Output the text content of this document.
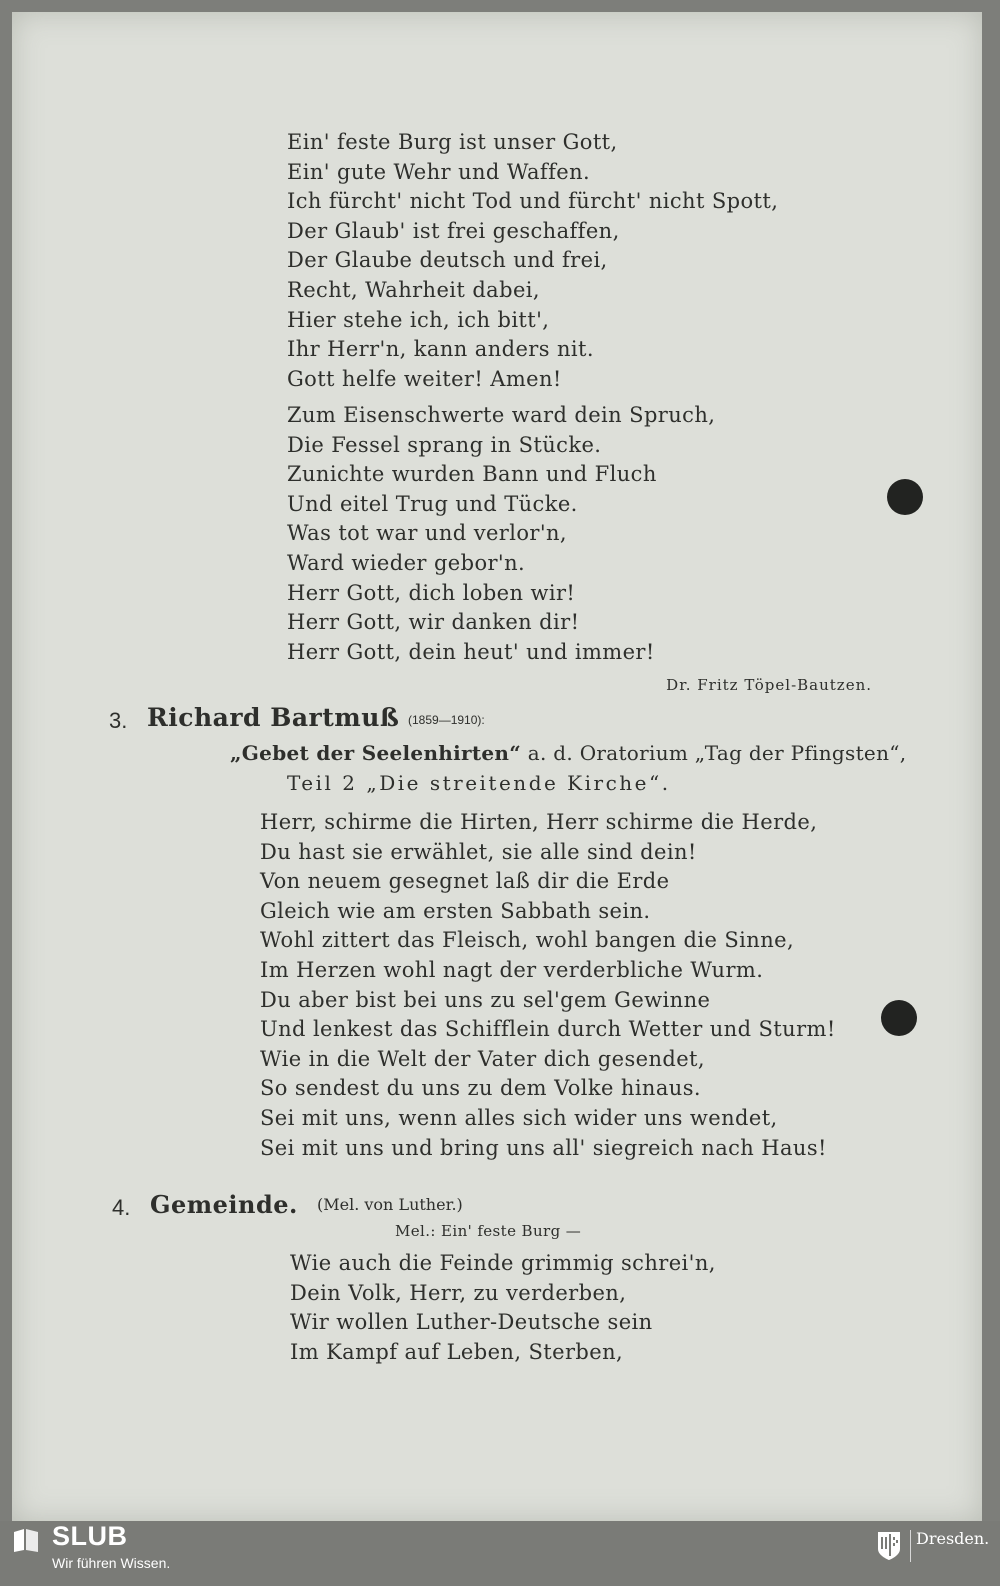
Ein' feste Burg ist unser Gott,
Ein' gute Wehr und Waffen.
Ich fürcht' nicht Tod und fürcht' nicht Spott,
Der Glaub' ist frei geschaffen,
Der Glaube deutsch und frei,
Recht, Wahrheit dabei,
Hier stehe ich, ich bitt',
Ihr Herr'n, kann anders nit.
Gott helfe weiter! Amen!
Zum Eisenschwerte ward dein Spruch,
Die Fessel sprang in Stücke.
Zunichte wurden Bann und Fluch
Und eitel Trug und Tücke.
Was tot war und verlor'n,
Ward wieder gebor'n.
Herr Gott, dich loben wir!
Herr Gott, wir danken dir!
Herr Gott, dein heut' und immer!
Dr. Fritz Töpel-Bautzen.
3. Richard Bartmuß (1859—1910):
„Gebet der Seelenhirten“ a. d. Oratorium „Tag der Pfingsten“,
Teil 2 „Die streitende Kirche“.
Herr, schirme die Hirten, Herr schirme die Herde,
Du hast sie erwählet, sie alle sind dein!
Von neuem gesegnet laß dir die Erde
Gleich wie am ersten Sabbath sein.
Wohl zittert das Fleisch, wohl bangen die Sinne,
Im Herzen wohl nagt der verderbliche Wurm.
Du aber bist bei uns zu sel'gem Gewinne
Und lenkest das Schifflein durch Wetter und Sturm!
Wie in die Welt der Vater dich gesendet,
So sendest du uns zu dem Volke hinaus.
Sei mit uns, wenn alles sich wider uns wendet,
Sei mit uns und bring uns all' siegreich nach Haus!
4. Gemeinde. (Mel. von Luther.)
Mel.: Ein' feste Burg —
Wie auch die Feinde grimmig schrei'n,
Dein Volk, Herr, zu verderben,
Wir wollen Luther-Deutsche sein
Im Kampf auf Leben, Sterben,
SLUB
Wir führen Wissen.
Dresden.
